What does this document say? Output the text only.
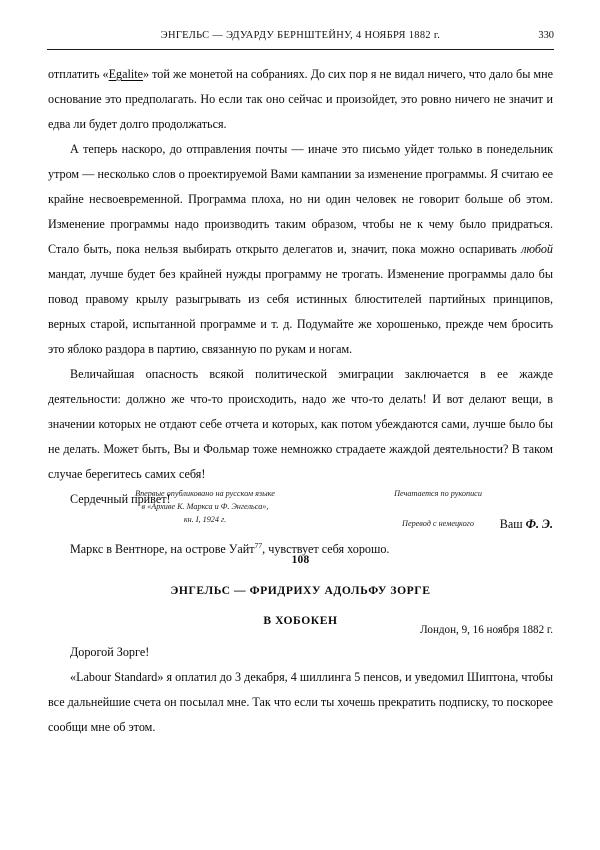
ЭНГЕЛЬС — ЭДУАРДУ БЕРНШТЕЙНУ, 4 НОЯБРЯ 1882 г.	330

отплатить «Egalite» той же монетой на собраниях. До сих пор я не видал ничего, что дало бы мне основание это предполагать. Но если так оно сейчас и произойдет, это ровно ничего не значит и едва ли будет долго продолжаться.

А теперь наскоро, до отправления почты — иначе это письмо уйдет только в понедельник утром — несколько слов о проектируемой Вами кампании за изменение программы. Я считаю ее крайне несвоевременной. Программа плоха, но ни один человек не говорит больше об этом. Изменение программы надо производить таким образом, чтобы не к чему было придраться. Стало быть, пока нельзя выбирать открыто делегатов и, значит, пока можно оспаривать любой мандат, лучше будет без крайней нужды программу не трогать. Изменение программы дало бы повод правому крылу разыгрывать из себя истинных блюстителей партийных принципов, верных старой, испытанной программе и т. д. Подумайте же хорошенько, прежде чем бросить это яблоко раздора в партию, связанную по рукам и ногам.

Величайшая опасность всякой политической эмиграции заключается в ее жажде деятельности: должно же что-то происходить, надо же что-то делать! И вот делают вещи, в значении которых не отдают себе отчета и которых, как потом убеждаются сами, лучше было бы не делать. Может быть, Вы и Фольмар тоже немножко страдаете жаждой деятельности? В таком случае берегитесь самих себя!

Сердечный привет!

Ваш Ф. Э.

Маркс в Вентноре, на острове Уайт$^{77}$, чувствует себя хорошо.

Впервые опубликовано на русском языке
в «Архиве К. Маркса и Ф. Энгельса»,
кн. I, 1924 г.
Печатается по рукописи
Перевод с немецкого
108
ЭНГЕЛЬС — ФРИДРИХУ АДОЛЬФУ ЗОРГЕ
В ХОБОКЕН

Лондон, 9, 16 ноября 1882 г.

Дорогой Зорге!

«Labour Standard» я оплатил до 3 декабря, 4 шиллинга 5 пенсов, и уведомил Шиптона, чтобы все дальнейшие счета он посылал мне. Так что если ты хочешь прекратить подписку, то поскорее сообщи мне об этом.
